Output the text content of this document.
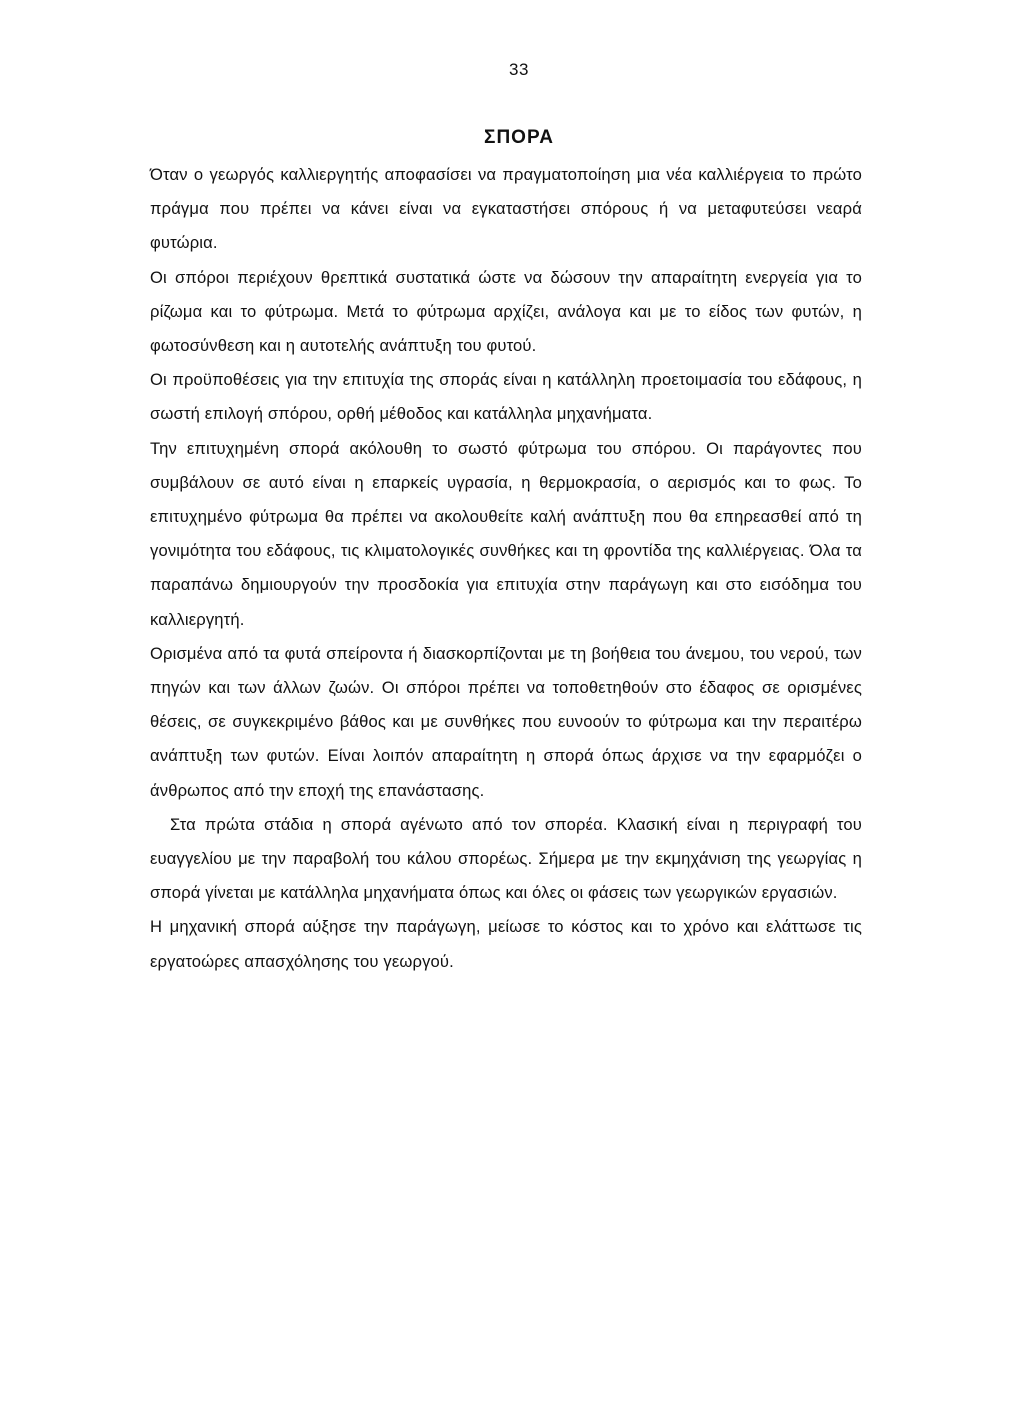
33
ΣΠΟΡΑ

Όταν ο γεωργός καλλιεργητής αποφασίσει να πραγματοποίηση μια νέα καλλιέργεια το πρώτο πράγμα που πρέπει να κάνει είναι να εγκαταστήσει σπόρους ή να μεταφυτεύσει νεαρά φυτώρια.

Οι σπόροι περιέχουν θρεπτικά συστατικά ώστε να δώσουν την απαραίτητη ενεργεία για το ρίζωμα και το φύτρωμα. Μετά το φύτρωμα αρχίζει, ανάλογα και με το είδος των φυτών, η φωτοσύνθεση και η αυτοτελής ανάπτυξη του φυτού.

Οι προϋποθέσεις για την επιτυχία της σποράς είναι η κατάλληλη προετοιμασία του εδάφους, η σωστή επιλογή σπόρου, ορθή μέθοδος και κατάλληλα μηχανήματα.

Την επιτυχημένη σπορά ακόλουθη το σωστό φύτρωμα του σπόρου. Οι παράγοντες που συμβάλουν σε αυτό είναι η επαρκείς υγρασία, η θερμοκρασία, ο αερισμός και το φως. Το επιτυχημένο φύτρωμα θα πρέπει να ακολουθείτε καλή ανάπτυξη που θα επηρεασθεί από τη γονιμότητα του εδάφους, τις κλιματολογικές συνθήκες και τη φροντίδα της καλλιέργειας. Όλα τα παραπάνω δημιουργούν την προσδοκία για επιτυχία στην παράγωγη και στο εισόδημα του καλλιεργητή.

Ορισμένα από τα φυτά σπείροντα ή διασκορπίζονται με τη βοήθεια του άνεμου, του νερού, των πηγών και των άλλων ζωών. Οι σπόροι πρέπει να τοποθετηθούν στο έδαφος σε ορισμένες θέσεις, σε συγκεκριμένο βάθος και με συνθήκες που ευνοούν το φύτρωμα και την περαιτέρω ανάπτυξη των φυτών. Είναι λοιπόν απαραίτητη η σπορά όπως άρχισε να την εφαρμόζει ο άνθρωπος από την εποχή της επανάστασης.

Στα πρώτα στάδια η σπορά αγένωτο από τον σπορέα. Κλασική είναι η περιγραφή του ευαγγελίου με την παραβολή του κάλου σπορέως. Σήμερα με την εκμηχάνιση της γεωργίας η σπορά γίνεται με κατάλληλα μηχανήματα όπως και όλες οι φάσεις των γεωργικών εργασιών.

Η μηχανική σπορά αύξησε την παράγωγη, μείωσε το κόστος και το χρόνο και ελάττωσε τις εργατοώρες απασχόλησης του γεωργού.
